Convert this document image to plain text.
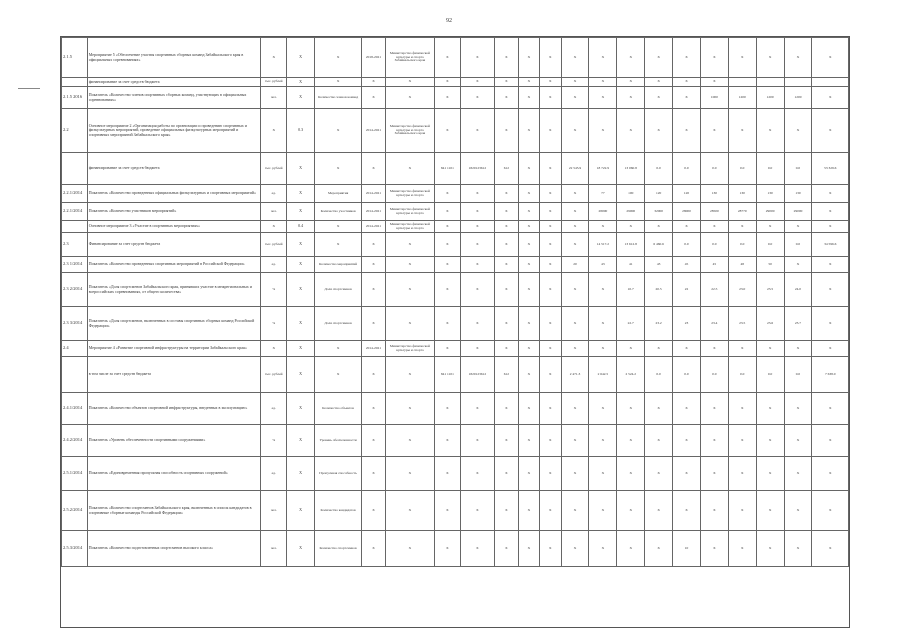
92
2.1.5	Мероприятие 5 «Обеспечение участия спортивных сборных команд Забайкальского края в официальных соревнованиях»	Х	Х	Х	2018-2021	Министерство физической культуры и спорта Забайкальского края	Х	Х	Х	Х	Х	Х	Х	Х	Х	Х	Х	Х	Х	Х	Х
	финансирование за счет средств бюджета	тыс. рублей	Х	Х	Х	Х	Х	Х	Х	Х	Х	Х	Х	Х	Х	Х	Х				
2.1.5 2016	Показатель «Количество членов спортивных сборных команд, участвующих в официальных соревнованиях»	чел.	Х	Количество членов команд	Х	Х	Х	Х	Х	Х	Х	Х	Х	Х	Х	Х	1000	1200	1200	1200	Х
2.2	Основное мероприятие 2 «Организация работы по организации и проведению спортивных и физкультурных мероприятий, проведение официальных физкультурных мероприятий и спортивных мероприятий Забайкальского края»	Х	0.3	Х	2014-2021	Министерство физической культуры и спорта Забайкальского края	Х	Х	Х	Х	Х	Х	Х	Х	Х	Х	Х	Х	Х	Х	Х
	финансирование за счет средств бюджета	тыс. рублей	Х	Х	Х	Х	841 1101	1820123612	612	Х	Х	22 545.9	18 722.9	13 060.8	0.0	0.0	0.0	0.0	0.0	0.0	53 329.6
2.2.1/2014	Показатель «Количество проведенных официальных физкультурных и спортивных мероприятий»	ед.	Х	Мероприятия	2014-2021	Министерство физической культуры и спорта	Х	Х	Х	Х	Х	Х	77	100	120	120	130	130	130	130	Х
2.2.1/2014	Показатель «Количество участников мероприятий»	чел.	Х	Количество участников	2014-2021	Министерство физической культуры и спорта	Х	Х	Х	Х	Х	Х	28000	29000	32000	28000	28500	28770	29000	29000	Х
	Основное мероприятие 3 «Участие в спортивных мероприятиях»	Х	0.4	Х	2014-2021	Министерство физической культуры и спорта	Х	Х	Х	Х	Х	Х	Х	Х	Х	Х	Х	Х	Х	Х	Х
2.3	Финансирование за счет средств бюджета	тыс. рублей	Х	Х	Х	Х	Х	Х	Х	Х	Х	Х	14 517.2	13 612.8	6 460.6	0.0	0.0	0.0	0.0	0.0	34 596.6
2.3 1/2014	Показатель «Количество проведенных спортивных мероприятий в Российской Федерации»	ед.	Х	Количество мероприятий	Х	Х	Х	Х	Х	Х	Х	20	43	41	43	45	45	48	50	Х	Х
2.3 2/2014	Показатель «Доля спортсменов Забайкальского края, принявших участие в межрегиональных и всероссийских соревнованиях, от общего количества»	%	Х	Доля спортсменов	Х	Х	Х	Х	Х	Х	Х	Х	Х	10.7	20.5	22	22.5	23.0	23.5	24.0	Х
2.3 3/2014	Показатель «Доля спортсменов, включенных в составы спортивных сборных команд Российской Федерации»	%	Х	Доля спортсменов	Х	Х	Х	Х	Х	Х	Х	Х	Х	22.7	23.2	23	23.4	23.5	23.6	23.7	Х
2.4	Мероприятие 4 «Развитие спортивной инфраструктуры на территории Забайкальского края»	Х	Х	Х	2014-2021	Министерство физической культуры и спорта	Х	Х	Х	Х	Х	Х	Х	Х	Х	Х	Х	Х	Х	Х	Х
	в том числе за счет средств бюджета	тыс. рублей	Х	Х	Х	Х	841 1101	1820123612	612	Х	Х	2 471.3	2 642.5	2 524.2	0.0	0.0	0.0	0.0	0.0	0.0	7 638.0
2.4.1/2014	Показатель «Количество объектов спортивной инфраструктуры, введенных в эксплуатацию»	ед.	Х	Количество объектов	Х	Х	Х	Х	Х	Х	Х	Х	Х	Х	Х	Х	Х	Х	Х	Х	Х
2.4.2/2014	Показатель «Уровень обеспеченности спортивными сооружениями»	%	Х	Уровень обеспеченности	Х	Х	Х	Х	Х	Х	Х	Х	Х	Х	Х	Х	Х	Х	Х	Х	Х
2.5.1/2014	Показатель «Единовременная пропускная способность спортивных сооружений»	ед.	Х	Пропускная способность	Х	Х	Х	Х	Х	Х	Х	Х	Х	Х	Х	Х	Х	Х	Х	Х	Х
2.5.2/2014	Показатель «Количество спортсменов Забайкальского края, включенных в список кандидатов в спортивные сборные команды Российской Федерации»	чел.	Х	Количество кандидатов	Х	Х	Х	Х	Х	Х	Х	Х	Х	Х	Х	Х	Х	Х	Х	Х	Х
2.5.3/2014	Показатель «Количество подготовленных спортсменов высокого класса»	чел.	Х	Количество спортсменов	Х	Х	Х	Х	Х	Х	Х	Х	Х	Х	Х	10	Х	Х	Х	Х	Х
